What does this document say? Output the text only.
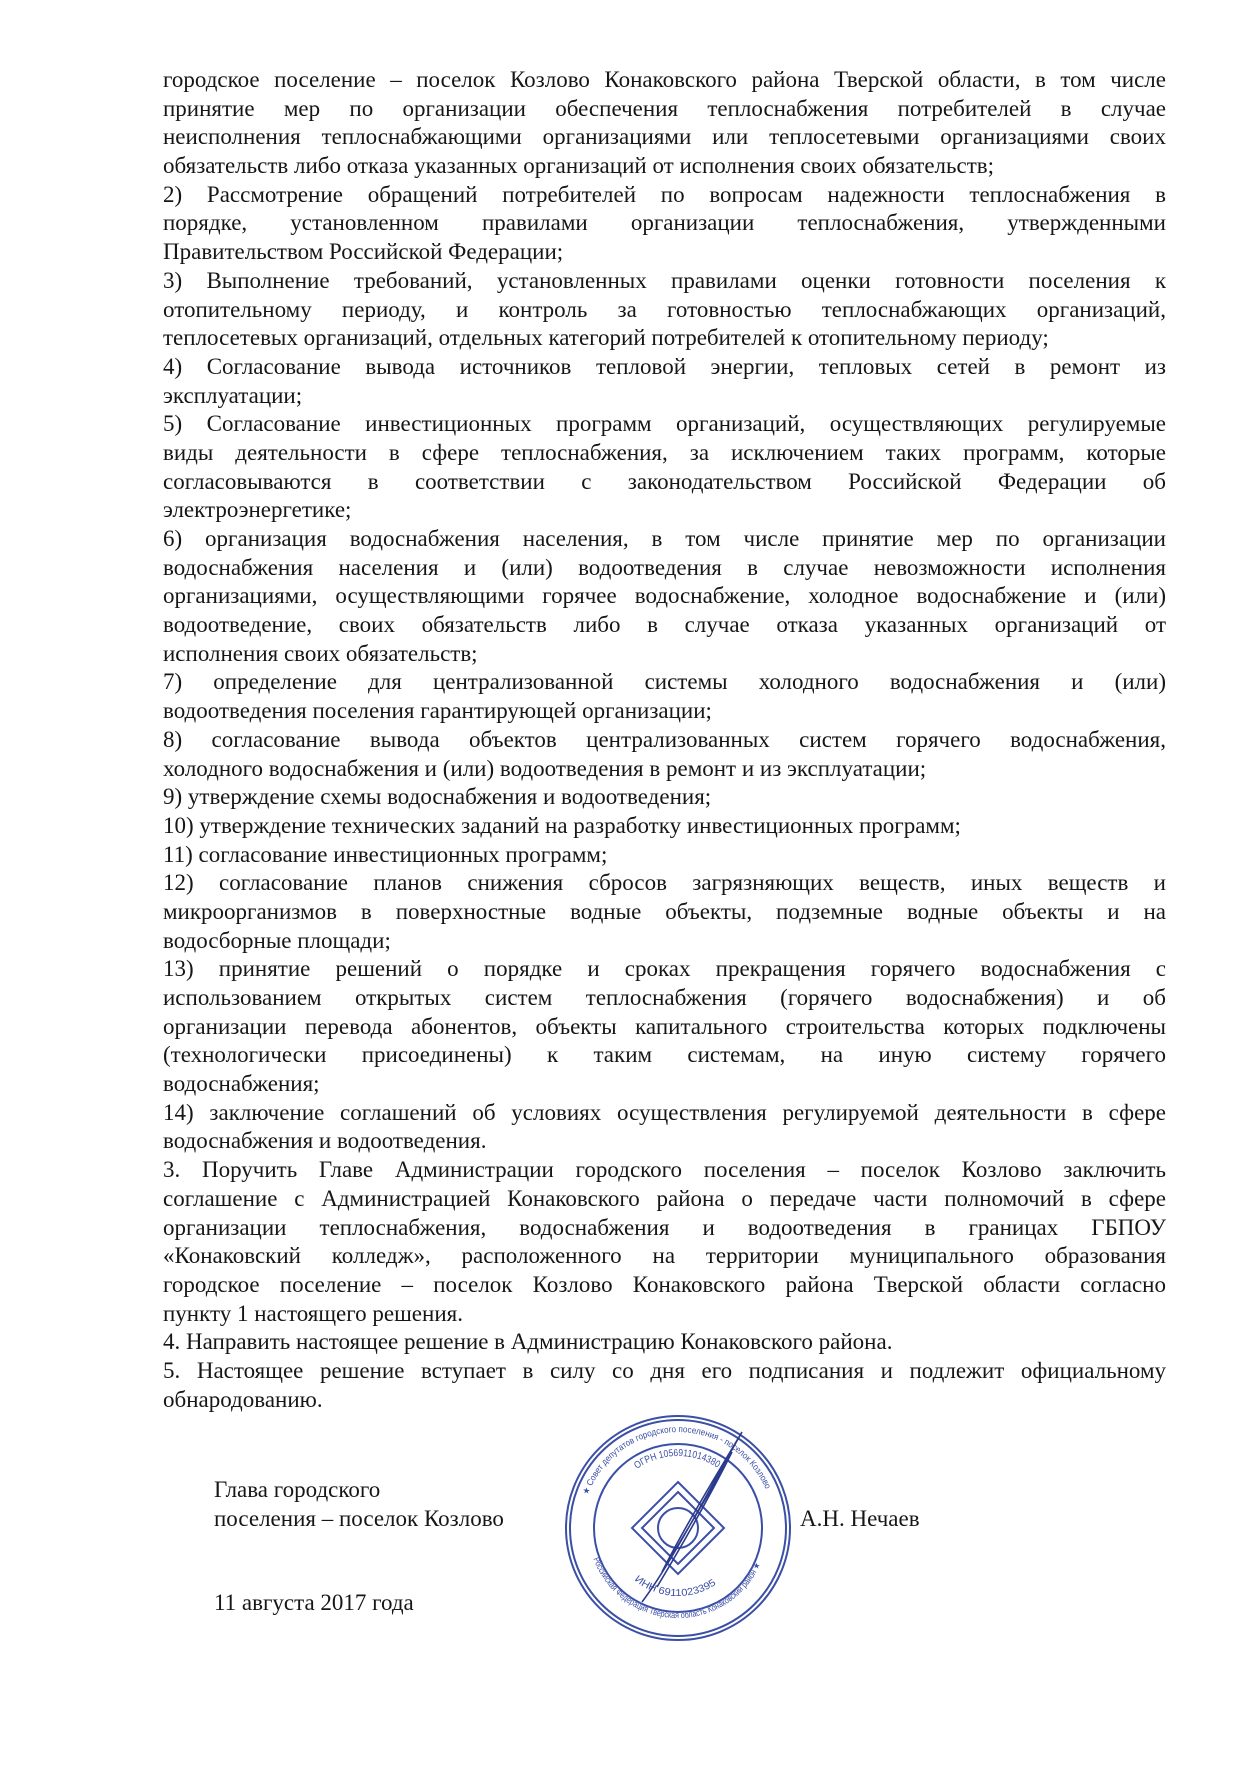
городское поселение – поселок Козлово Конаковского района Тверской области, в том числе
принятие мер по организации обеспечения теплоснабжения потребителей в случае
неисполнения теплоснабжающими организациями или теплосетевыми организациями своих
обязательств либо отказа указанных организаций от исполнения своих обязательств;
2) Рассмотрение обращений потребителей по вопросам надежности теплоснабжения в
порядке, установленном правилами организации теплоснабжения, утвержденными
Правительством Российской Федерации;
3) Выполнение требований, установленных правилами оценки готовности поселения к
отопительному периоду, и контроль за готовностью теплоснабжающих организаций,
теплосетевых организаций, отдельных категорий потребителей к отопительному периоду;
4) Согласование вывода источников тепловой энергии, тепловых сетей в ремонт из
эксплуатации;
5) Согласование инвестиционных программ организаций, осуществляющих регулируемые
виды деятельности в сфере теплоснабжения, за исключением таких программ, которые
согласовываются в соответствии с законодательством Российской Федерации об
электроэнергетике;
6) организация водоснабжения населения, в том числе принятие мер по организации
водоснабжения населения и (или) водоотведения в случае невозможности исполнения
организациями, осуществляющими горячее водоснабжение, холодное водоснабжение и (или)
водоотведение, своих обязательств либо в случае отказа указанных организаций от
исполнения своих обязательств;
7) определение для централизованной системы холодного водоснабжения и (или)
водоотведения поселения гарантирующей организации;
8) согласование вывода объектов централизованных систем горячего водоснабжения,
холодного водоснабжения и (или) водоотведения в ремонт и из эксплуатации;
9) утверждение схемы водоснабжения и водоотведения;
10) утверждение технических заданий на разработку инвестиционных программ;
11) согласование инвестиционных программ;
12) согласование планов снижения сбросов загрязняющих веществ, иных веществ и
микроорганизмов в поверхностные водные объекты, подземные водные объекты и на
водосборные площади;
13) принятие решений о порядке и сроках прекращения горячего водоснабжения с
использованием открытых систем теплоснабжения (горячего водоснабжения) и об
организации перевода абонентов, объекты капитального строительства которых подключены
(технологически присоединены) к таким системам, на иную систему горячего
водоснабжения;
14) заключение соглашений об условиях осуществления регулируемой деятельности в сфере
водоснабжения и водоотведения.
3. Поручить Главе Администрации городского поселения – поселок Козлово заключить
соглашение с Администрацией Конаковского района о передаче части полномочий в сфере
организации теплоснабжения, водоснабжения и водоотведения в границах ГБПОУ
«Конаковский колледж», расположенного на территории муниципального образования
городское поселение – поселок Козлово Конаковского района Тверской области согласно
пункту 1 настоящего решения.
4. Направить настоящее решение в Администрацию Конаковского района.
5. Настоящее решение вступает в силу со дня его подписания и подлежит официальному
обнародованию.
Глава городского
поселения – поселок Козлово	А.Н. Нечаев
11 августа 2017 года
★ Совет депутатов городского поселения - поселок Козлово
Российская Федерация Тверская область Конаковский район ★
ОГРН 1056911014380
ИНН 6911023395
